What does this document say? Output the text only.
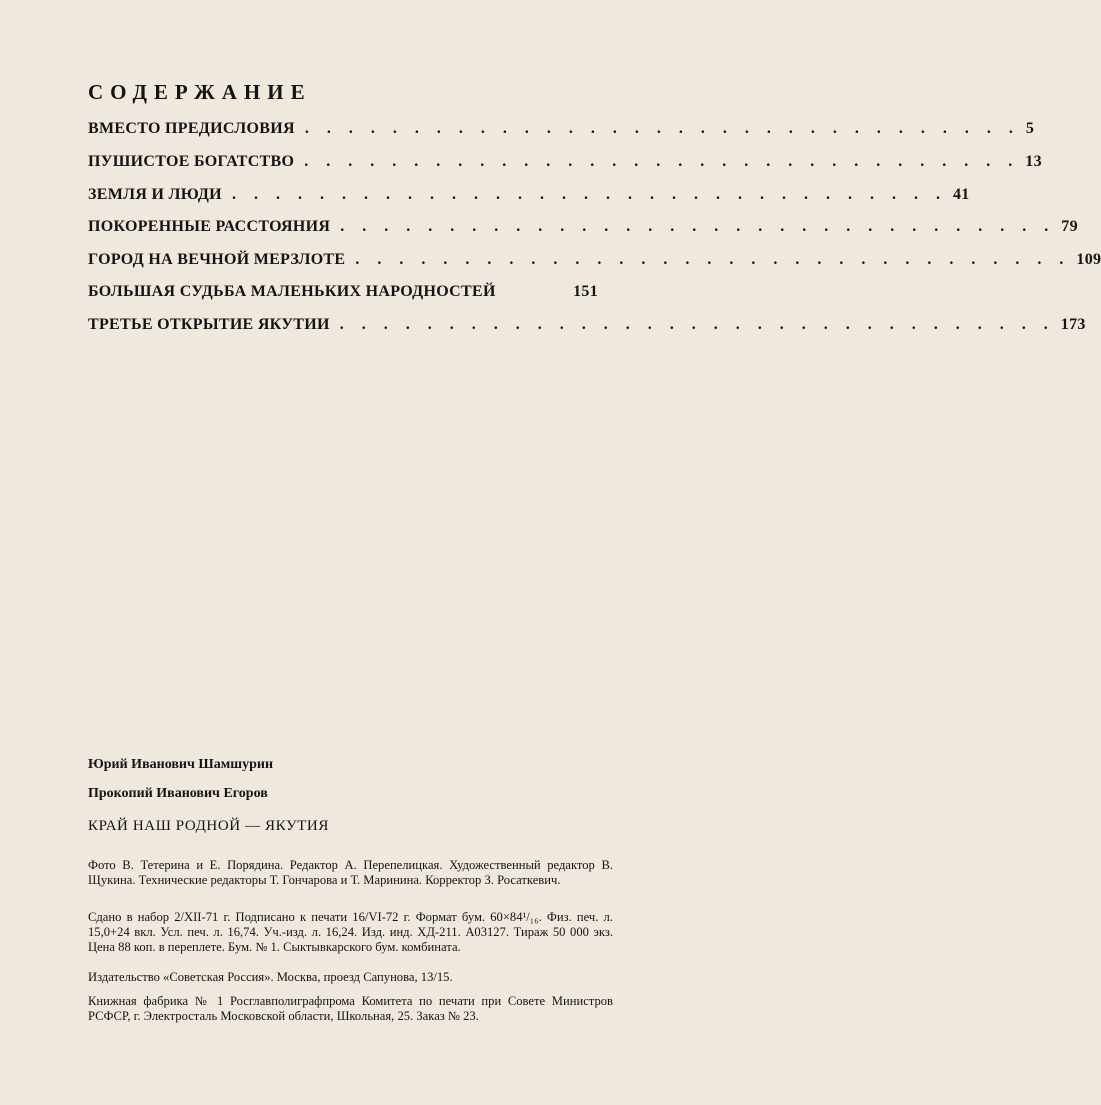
СОДЕРЖАНИЕ
ВМЕСТО ПРЕДИСЛОВИЯ . . . . . . . . . . . . . . . . . . . . . . . . . . . . . . . . . 5
ПУШИСТОЕ БОГАТСТВО . . . . . . . . . . . . . . . . . . . . . . . . . . . . . . . . . 13
ЗЕМЛЯ И ЛЮДИ . . . . . . . . . . . . . . . . . . . . . . . . . . . . . . . . . 41
ПОКОРЕННЫЕ РАССТОЯНИЯ . . . . . . . . . . . . . . . . . . . . . . . . . . . . . . . . . 79
ГОРОД НА ВЕЧНОЙ МЕРЗЛОТЕ . . . . . . . . . . . . . . . . . . . . . . . . . . . . . . . . . 109
БОЛЬШАЯ СУДЬБА МАЛЕНЬКИХ НАРОДНОСТЕЙ	151
ТРЕТЬЕ ОТКРЫТИЕ ЯКУТИИ . . . . . . . . . . . . . . . . . . . . . . . . . . . . . . . . . 173
Юрий Иванович Шамшурин
Прокопий Иванович Егоров
КРАЙ НАШ РОДНОЙ — ЯКУТИЯ

Фото В. Тетерина и Е. Порядина. Редактор А. Перепелицкая. Художественный редактор В. Щукина. Технические редакторы Т. Гончарова и Т. Маринина. Корректор З. Росаткевич.

Сдано в набор 2/XII-71 г. Подписано к печати 16/VI-72 г. Формат бум. 60×84¹/₁₆. Физ. печ. л. 15,0+24 вкл. Усл. печ. л. 16,74. Уч.-изд. л. 16,24. Изд. инд. ХД-211. А03127. Тираж 50 000 экз. Цена 88 коп. в переплете. Бум. № 1. Сыктывкарского бум. комбината.

Издательство «Советская Россия». Москва, проезд Сапунова, 13/15.

Книжная фабрика № 1 Росглавполиграфпрома Комитета по печати при Совете Министров РСФСР, г. Электросталь Московской области, Школьная, 25. Заказ № 23.
